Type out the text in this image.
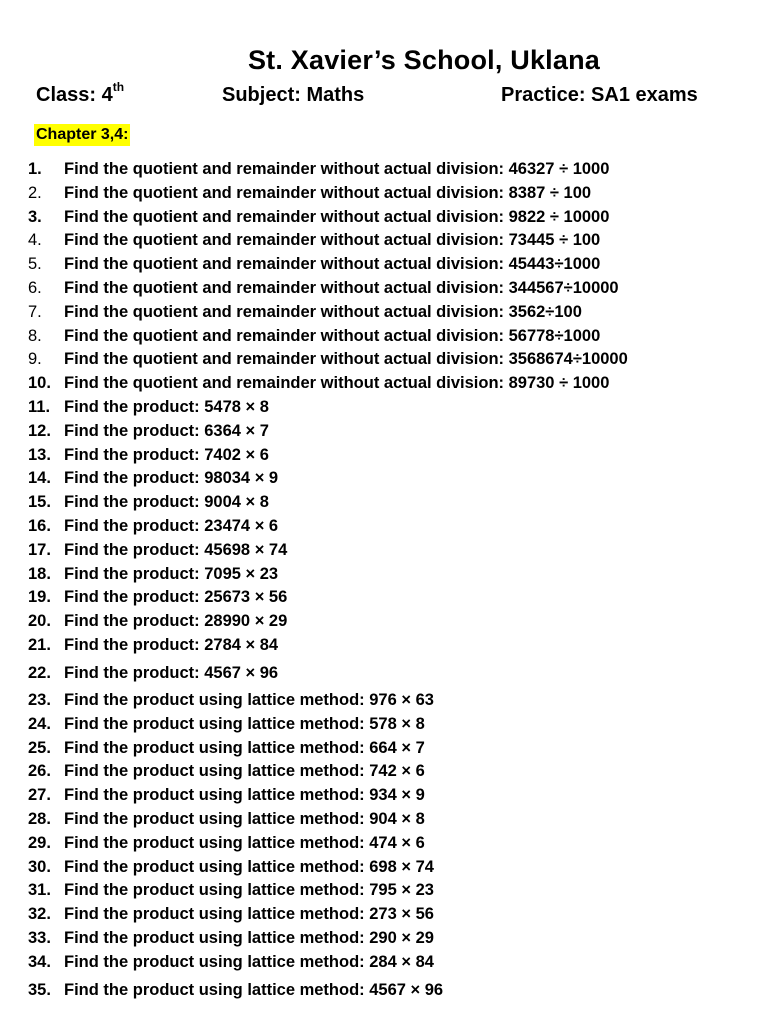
St. Xavier’s School, Uklana
Class: 4th	Subject: Maths	Practice: SA1 exams
Chapter 3,4:
1.	Find the quotient and remainder without actual division: 46327 ÷ 1000
2.	Find the quotient and remainder without actual division: 8387 ÷ 100
3.	Find the quotient and remainder without actual division: 9822 ÷ 10000
4.	Find the quotient and remainder without actual division: 73445 ÷ 100
5.	Find the quotient and remainder without actual division: 45443÷1000
6.	Find the quotient and remainder without actual division: 344567÷10000
7.	Find the quotient and remainder without actual division: 3562÷100
8.	Find the quotient and remainder without actual division: 56778÷1000
9.	Find the quotient and remainder without actual division: 3568674÷10000
10. Find the quotient and remainder without actual division: 89730 ÷ 1000
11. Find the product: 5478 × 8
12. Find the product: 6364 × 7
13. Find the product: 7402 × 6
14. Find the product: 98034 × 9
15. Find the product: 9004 × 8
16. Find the product: 23474 × 6
17. Find the product: 45698 × 74
18. Find the product: 7095 × 23
19. Find the product: 25673 × 56
20. Find the product: 28990 × 29
21. Find the product: 2784 × 84
22. Find the product: 4567 × 96
23. Find the product using lattice method: 976 × 63
24. Find the product using lattice method: 578 × 8
25. Find the product using lattice method: 664 × 7
26. Find the product using lattice method: 742 × 6
27. Find the product using lattice method: 934 × 9
28. Find the product using lattice method: 904 × 8
29. Find the product using lattice method: 474 × 6
30. Find the product using lattice method: 698 × 74
31. Find the product using lattice method: 795 × 23
32. Find the product using lattice method: 273 × 56
33. Find the product using lattice method: 290 × 29
34. Find the product using lattice method: 284 × 84
35. Find the product using lattice method: 4567 × 96
